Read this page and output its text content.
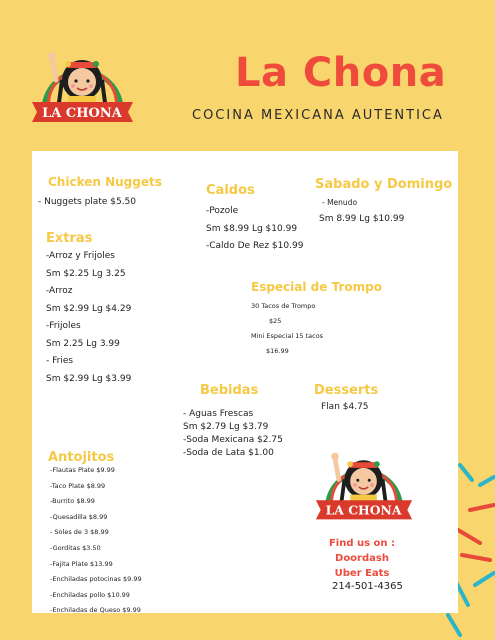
LA CHONA
La Chona
COCINA MEXICANA AUTENTICA
Chicken Nuggets
- Nuggets plate $5.50
Extras
-Arroz y Frijoles
Sm $2.25 Lg 3.25
-Arroz
Sm $2.99 Lg $4.29
-Frijoles
Sm 2.25 Lg 3.99
- Fries
Sm $2.99 Lg $3.99
Caldos
-Pozole
Sm $8.99 Lg $10.99
-Caldo De Rez $10.99
Sabado y Domingo
- Menudo
Sm 8.99 Lg $10.99
Especial de Trompo
30 Tacos de Trompo
$25
Mini Especial 15 tacos
$16.99
Bebidas
- Aguas Frescas
Sm $2.79 Lg $3.79
-Soda Mexicana $2.75
-Soda de Lata $1.00
Desserts
Flan $4.75
Antojitos
-Flautas Plate $9.99
-Taco Plate $8.99
-Burrito $8.99
-Quesadilla $8.99
- Soles de 3 $8.99
-Gorditas $3.50
-Fajita Plate $13.99
-Enchiladas potocinas $9.99
-Enchiladas pollo $10.99
-Enchiladas de Queso $9.99
LA CHONA
Find us on :
Doordash
Uber Eats
214-501-4365
